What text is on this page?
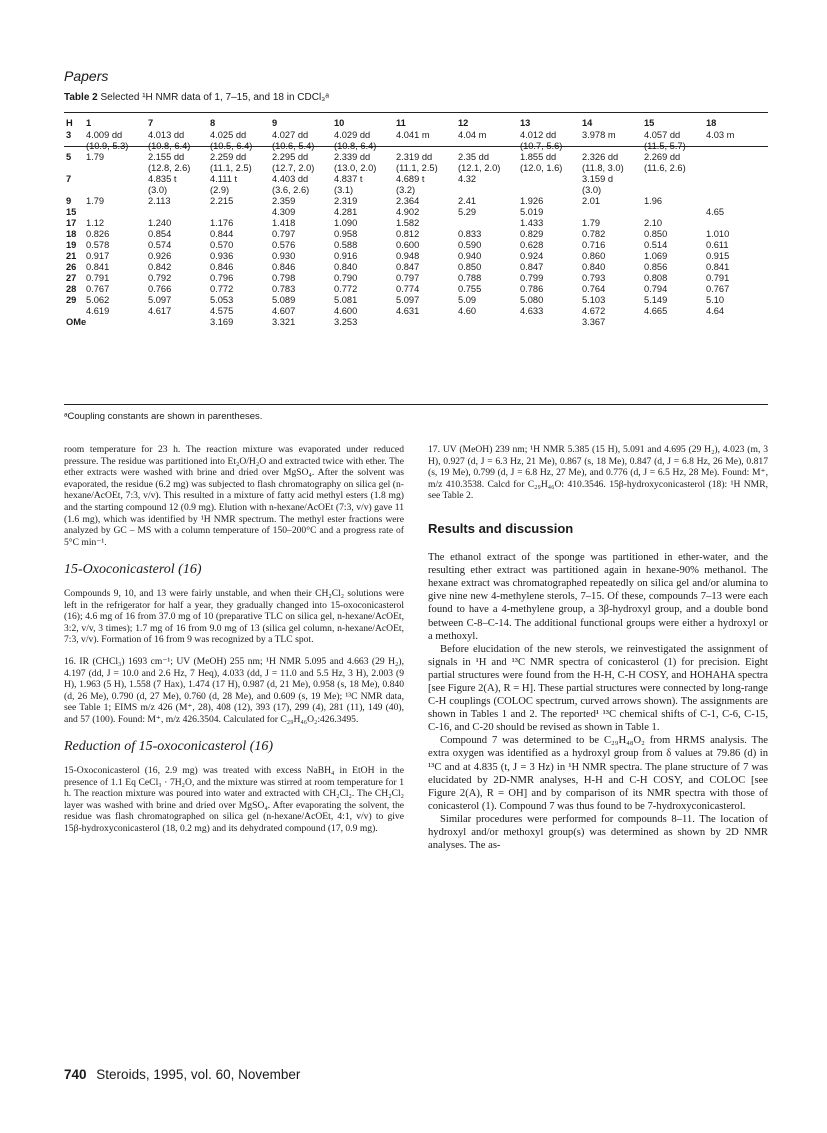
Papers
Table 2 Selected ¹H NMR data of 1, 7–15, and 18 in CDCl₃ᵃ
H	1	7	8	9	10	11	12	13	14	15	18
3	4.009 dd	4.013 dd	4.025 dd	4.027 dd	4.029 dd	4.041 m	4.04 m	4.012 dd	3.978 m	4.057 dd	4.03 m
	(10.9, 5.3)	(10.8, 6.4)	(10.5, 6.4)	(10.6, 5.4)	(10.8, 6.4)			(10.7, 5.6)		(11.5, 5.7)	
5	1.79	2.155 dd	2.259 dd	2.295 dd	2.339 dd	2.319 dd	2.35 dd	1.855 dd	2.326 dd	2.269 dd	
		(12.8, 2.6)	(11.1, 2.5)	(12.7, 2.0)	(13.0, 2.0)	(11.1, 2.5)	(12.1, 2.0)	(12.0, 1.6)	(11.8, 3.0)	(11.6, 2.6)	
7		4.835 t	4.111 t	4.403 dd	4.837 t	4.689 t	4.32		3.159 d		
		(3.0)	(2.9)	(3.6, 2.6)	(3.1)	(3.2)			(3.0)		
9	1.79	2.113	2.215	2.359	2.319	2.364	2.41	1.926	2.01	1.96	
15				4.309	4.281	4.902	5.29	5.019			4.65
17	1.12	1.240	1.176	1.418	1.090	1.582		1.433	1.79	2.10	
18	0.826	0.854	0.844	0.797	0.958	0.812	0.833	0.829	0.782	0.850	1.010
19	0.578	0.574	0.570	0.576	0.588	0.600	0.590	0.628	0.716	0.514	0.611
21	0.917	0.926	0.936	0.930	0.916	0.948	0.940	0.924	0.860	1.069	0.915
26	0.841	0.842	0.846	0.846	0.840	0.847	0.850	0.847	0.840	0.856	0.841
27	0.791	0.792	0.796	0.798	0.790	0.797	0.788	0.799	0.793	0.808	0.791
28	0.767	0.766	0.772	0.783	0.772	0.774	0.755	0.786	0.764	0.794	0.767
29	5.062	5.097	5.053	5.089	5.081	5.097	5.09	5.080	5.103	5.149	5.10
	4.619	4.617	4.575	4.607	4.600	4.631	4.60	4.633	4.672	4.665	4.64
OMe			3.169	3.321	3.253				3.367		
ᵃCoupling constants are shown in parentheses.

room temperature for 23 h. The reaction mixture was evaporated under reduced pressure. The residue was partitioned into Et₂O/H₂O and extracted twice with ether. The ether extracts were washed with brine and dried over MgSO₄. After the solvent was evaporated, the residue (6.2 mg) was subjected to flash chromatography on silica gel (n-hexane/AcOEt, 7:3, v/v). This resulted in a mixture of fatty acid methyl esters (1.8 mg) and the starting compound 12 (0.9 mg). Elution with n-hexane/AcOEt (7:3, v/v) gave 11 (1.6 mg), which was identified by ¹H NMR spectrum. The methyl ester fractions were analyzed by GC – MS with a column temperature of 150–200°C and a progress rate of 5°C min⁻¹.

15-Oxoconicasterol (16)

Compounds 9, 10, and 13 were fairly unstable, and when their CH₂Cl₂ solutions were left in the refrigerator for half a year, they gradually changed into 15-oxoconicasterol (16); 4.6 mg of 16 from 37.0 mg of 10 (preparative TLC on silica gel, n-hexane/AcOEt, 3:2, v/v, 3 times); 1.7 mg of 16 from 9.0 mg of 13 (silica gel column, n-hexane/AcOEt, 7:3, v/v). Formation of 16 from 9 was recognized by a TLC spot.

16. IR (CHCl₃) 1693 cm⁻¹; UV (MeOH) 255 nm; ¹H NMR 5.095 and 4.663 (29 H₂), 4.197 (dd, J = 10.0 and 2.6 Hz, 7 Heq), 4.033 (dd, J = 11.0 and 5.5 Hz, 3 H), 2.003 (9 H), 1.963 (5 H), 1.558 (7 Hax), 1.474 (17 H), 0.987 (d, 21 Me), 0.958 (s, 18 Me), 0.840 (d, 26 Me), 0.790 (d, 27 Me), 0.760 (d, 28 Me), and 0.609 (s, 19 Me); ¹³C NMR data, see Table 1; EIMS m/z 426 (M⁺, 28), 408 (12), 393 (17), 299 (4), 281 (11), 149 (40), and 57 (100). Found: M⁺, m/z 426.3504. Calculated for C₂₉H₄₆O₂:426.3495.

Reduction of 15-oxoconicasterol (16)

15-Oxoconicasterol (16, 2.9 mg) was treated with excess NaBH₄ in EtOH in the presence of 1.1 Eq CeCl₃ · 7H₂O, and the mixture was stirred at room temperature for 1 h. The reaction mixture was poured into water and extracted with CH₂Cl₂. The CH₂Cl₂ layer was washed with brine and dried over MgSO₄. After evaporating the solvent, the residue was flash chromatographed on silica gel (n-hexane/AcOEt, 4:1, v/v) to give 15β-hydroxyconicasterol (18, 0.2 mg) and its dehydrated compound (17, 0.9 mg).

17. UV (MeOH) 239 nm; ¹H NMR 5.385 (15 H), 5.091 and 4.695 (29 H₂), 4.023 (m, 3 H), 0.927 (d, J = 6.3 Hz, 21 Me), 0.867 (s, 18 Me), 0.847 (d, J = 6.8 Hz, 26 Me), 0.817 (s, 19 Me), 0.799 (d, J = 6.8 Hz, 27 Me), and 0.776 (d, J = 6.5 Hz, 28 Me). Found: M⁺, m/z 410.3538. Calcd for C₂₉H₄₆O: 410.3546. 15β-hydroxyconicasterol (18): ¹H NMR, see Table 2.

Results and discussion

The ethanol extract of the sponge was partitioned in ether-water, and the resulting ether extract was partitioned again in hexane-90% methanol. The hexane extract was chromatographed repeatedly on silica gel and/or alumina to give nine new 4-methylene sterols, 7–15. Of these, compounds 7–13 were each found to have a 4-methylene group, a 3β-hydroxyl group, and a double bond between C-8–C-14. The additional functional groups were either a hydroxyl or a methoxyl.

Before elucidation of the new sterols, we reinvestigated the assignment of signals in ¹H and ¹³C NMR spectra of conicasterol (1) for precision. Eight partial structures were found from the H-H, C-H COSY, and HOHAHA spectra [see Figure 2(A), R = H]. These partial structures were connected by long-range C-H couplings (COLOC spectrum, curved arrows shown). The assignments are shown in Tables 1 and 2. The reported¹ ¹³C chemical shifts of C-1, C-6, C-15, C-16, and C-20 should be revised as shown in Table 1.

Compound 7 was determined to be C₂₉H₄₈O₂ from HRMS analysis. The extra oxygen was identified as a hydroxyl group from δ values at 79.86 (d) in ¹³C and at 4.835 (t, J = 3 Hz) in ¹H NMR spectra. The plane structure of 7 was elucidated by 2D-NMR analyses, H-H and C-H COSY, and COLOC [see Figure 2(A), R = OH] and by comparison of its NMR spectra with those of conicasterol (1). Compound 7 was thus found to be 7-hydroxyconicasterol.

Similar procedures were performed for compounds 8–11. The location of hydroxyl and/or methoxyl group(s) was determined as shown by 2D NMR analyses. The as-

740 Steroids, 1995, vol. 60, November
